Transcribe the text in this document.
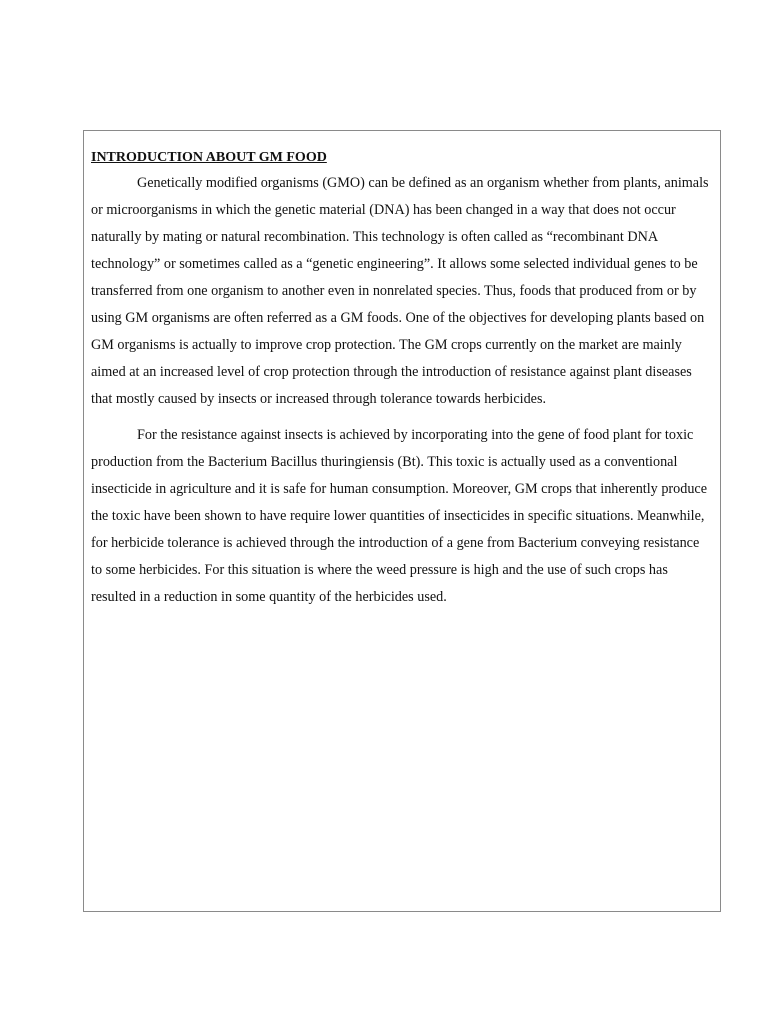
INTRODUCTION ABOUT GM FOOD

Genetically modified organisms (GMO) can be defined as an organism whether from plants, animals or microorganisms in which the genetic material (DNA) has been changed in a way that does not occur naturally by mating or natural recombination. This technology is often called as “recombinant DNA technology” or sometimes called as a “genetic engineering”. It allows some selected individual genes to be transferred from one organism to another even in nonrelated species. Thus, foods that produced from or by using GM organisms are often referred as a GM foods. One of the objectives for developing plants based on GM organisms is actually to improve crop protection. The GM crops currently on the market are mainly aimed at an increased level of crop protection through the introduction of resistance against plant diseases that mostly caused by insects or increased through tolerance towards herbicides.

For the resistance against insects is achieved by incorporating into the gene of food plant for toxic production from the Bacterium Bacillus thuringiensis (Bt). This toxic is actually used as a conventional insecticide in agriculture and it is safe for human consumption. Moreover, GM crops that inherently produce the toxic have been shown to have require lower quantities of insecticides in specific situations. Meanwhile, for herbicide tolerance is achieved through the introduction of a gene from Bacterium conveying resistance to some herbicides. For this situation is where the weed pressure is high and the use of such crops has resulted in a reduction in some quantity of the herbicides used.
